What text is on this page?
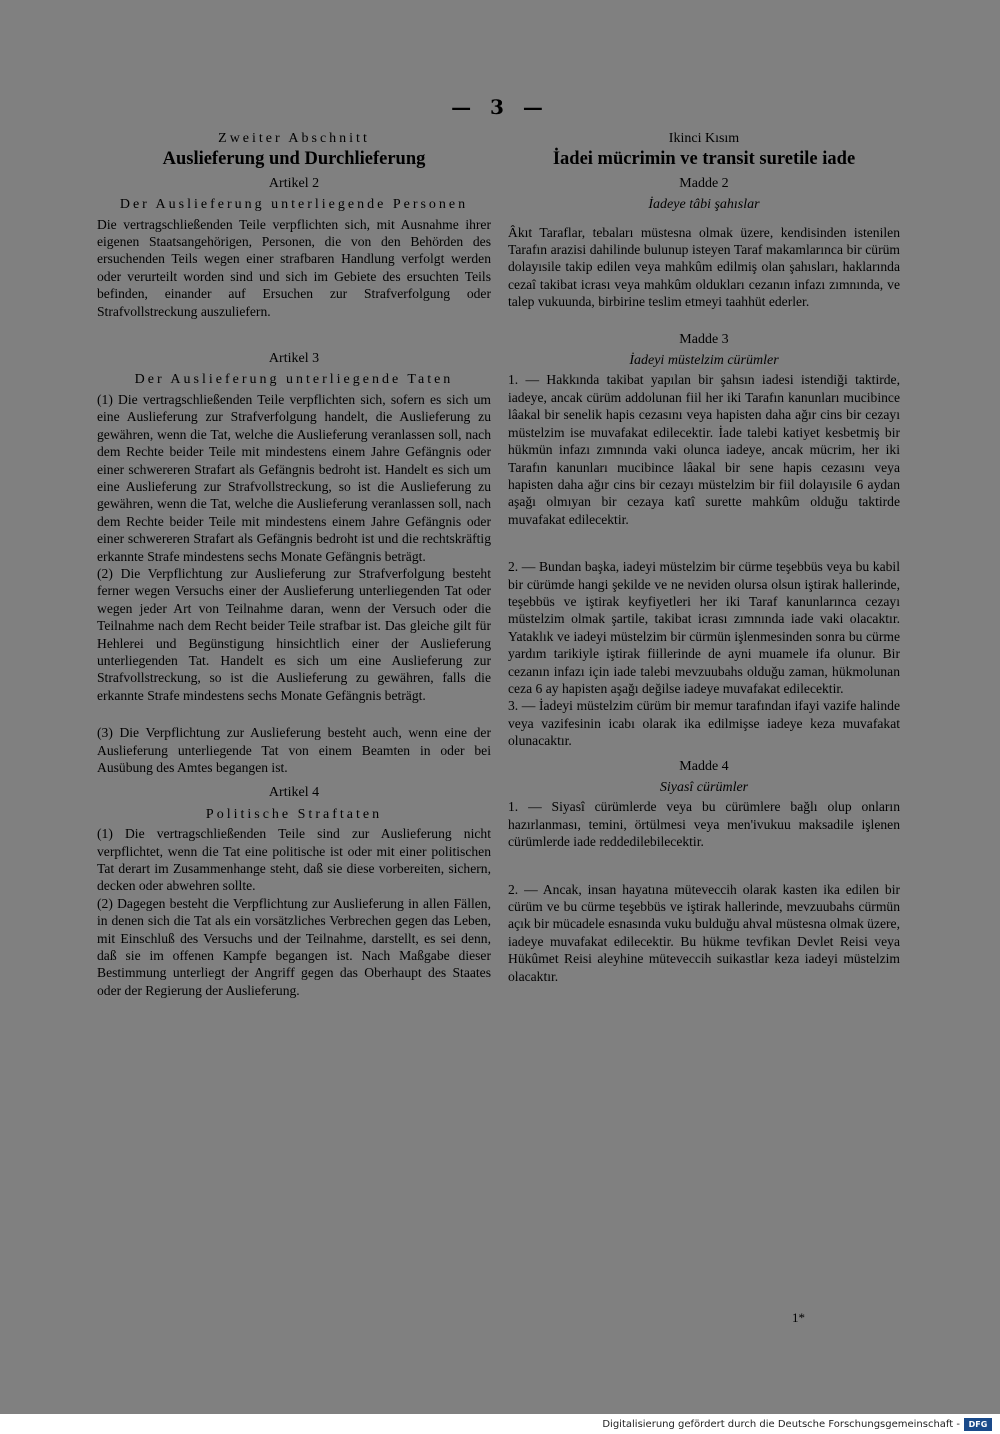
— 3 —
Zweiter Abschnitt
Auslieferung und Durchlieferung
Artikel 2
Der Auslieferung unterliegende Personen

Die vertragschließenden Teile verpflichten sich, mit Ausnahme ihrer eigenen Staatsangehörigen, Personen, die von den Behörden des ersuchenden Teils wegen einer strafbaren Handlung verfolgt werden oder verurteilt worden sind und sich im Gebiete des ersuchten Teils befinden, einander auf Ersuchen zur Strafverfolgung oder Strafvollstreckung auszuliefern.

Artikel 3
Der Auslieferung unterliegende Taten

(1) Die vertragschließenden Teile verpflichten sich, sofern es sich um eine Auslieferung zur Strafverfolgung handelt, die Auslieferung zu gewähren, wenn die Tat, welche die Auslieferung veranlassen soll, nach dem Rechte beider Teile mit mindestens einem Jahre Gefängnis oder einer schwereren Strafart als Gefängnis bedroht ist. Handelt es sich um eine Auslieferung zur Strafvollstreckung, so ist die Auslieferung zu gewähren, wenn die Tat, welche die Auslieferung veranlassen soll, nach dem Rechte beider Teile mit mindestens einem Jahre Gefängnis oder einer schwereren Strafart als Gefängnis bedroht ist und die rechtskräftig erkannte Strafe mindestens sechs Monate Gefängnis beträgt.

(2) Die Verpflichtung zur Auslieferung zur Strafverfolgung besteht ferner wegen Versuchs einer der Auslieferung unterliegenden Tat oder wegen jeder Art von Teilnahme daran, wenn der Versuch oder die Teilnahme nach dem Recht beider Teile strafbar ist. Das gleiche gilt für Hehlerei und Begünstigung hinsichtlich einer der Auslieferung unterliegenden Tat. Handelt es sich um eine Auslieferung zur Strafvollstreckung, so ist die Auslieferung zu gewähren, falls die erkannte Strafe mindestens sechs Monate Gefängnis beträgt.

(3) Die Verpflichtung zur Auslieferung besteht auch, wenn eine der Auslieferung unterliegende Tat von einem Beamten in oder bei Ausübung des Amtes begangen ist.

Artikel 4
Politische Straftaten

(1) Die vertragschließenden Teile sind zur Auslieferung nicht verpflichtet, wenn die Tat eine politische ist oder mit einer politischen Tat derart im Zusammenhange steht, daß sie diese vorbereiten, sichern, decken oder abwehren sollte.

(2) Dagegen besteht die Verpflichtung zur Auslieferung in allen Fällen, in denen sich die Tat als ein vorsätzliches Verbrechen gegen das Leben, mit Einschluß des Versuchs und der Teilnahme, darstellt, es sei denn, daß sie im offenen Kampfe begangen ist. Nach Maßgabe dieser Bestimmung unterliegt der Angriff gegen das Oberhaupt des Staates oder der Regierung der Auslieferung.

Ikinci Kısım
İadei mücrimin ve transit suretile iade
Madde 2
İadeye tâbi şahıslar

Âkıt Taraflar, tebaları müstesna olmak üzere, kendisinden istenilen Tarafın arazisi dahilinde bulunup isteyen Taraf makamlarınca bir cürüm dolayısile takip edilen veya mahkûm edilmiş olan şahısları, haklarında cezaî takibat icrası veya mahkûm oldukları cezanın infazı zımnında, ve talep vukuunda, birbirine teslim etmeyi taahhüt ederler.

Madde 3
İadeyi müstelzim cürümler

1. — Hakkında takibat yapılan bir şahsın iadesi istendiği taktirde, iadeye, ancak cürüm addolunan fiil her iki Tarafın kanunları mucibince lâakal bir senelik hapis cezasını veya hapisten daha ağır cins bir cezayı müstelzim ise muvafakat edilecektir. İade talebi katiyet kesbetmiş bir hükmün infazı zımnında vaki olunca iadeye, ancak mücrim, her iki Tarafın kanunları mucibince lâakal bir sene hapis cezasını veya hapisten daha ağır cins bir cezayı müstelzim bir fiil dolayısile 6 aydan aşağı olmıyan bir cezaya katî surette mahkûm olduğu taktirde muvafakat edilecektir.

2. — Bundan başka, iadeyi müstelzim bir cürme teşebbüs veya bu kabil bir cürümde hangi şekilde ve ne neviden olursa olsun iştirak hallerinde, teşebbüs ve iştirak keyfiyetleri her iki Taraf kanunlarınca cezayı müstelzim olmak şartile, takibat icrası zımnında iade vaki olacaktır. Yataklık ve iadeyi müstelzim bir cürmün işlenmesinden sonra bu cürme yardım tarikiyle iştirak fiillerinde de ayni muamele ifa olunur. Bir cezanın infazı için iade talebi mevzuubahs olduğu zaman, hükmolunan ceza 6 ay hapisten aşağı değilse iadeye muvafakat edilecektir.

3. — İadeyi müstelzim cürüm bir memur tarafından ifayi vazife halinde veya vazifesinin icabı olarak ika edilmişse iadeye keza muvafakat olunacaktır.

Madde 4
Siyasî cürümler

1. — Siyasî cürümlerde veya bu cürümlere bağlı olup onların hazırlanması, temini, örtülmesi veya men'ivukuu maksadile işlenen cürümlerde iade reddedilebilecektir.

2. — Ancak, insan hayatına müteveccih olarak kasten ika edilen bir cürüm ve bu cürme teşebbüs ve iştirak hallerinde, mevzuubahs cürmün açık bir mücadele esnasında vuku bulduğu ahval müstesna olmak üzere, iadeye muvafakat edilecektir. Bu hükme tevfikan Devlet Reisi veya Hükûmet Reisi aleyhine müteveccih suikastlar keza iadeyi müstelzim olacaktır.

1*
Digitalisierung gefördert durch die Deutsche Forschungsgemeinschaft -	DFG
